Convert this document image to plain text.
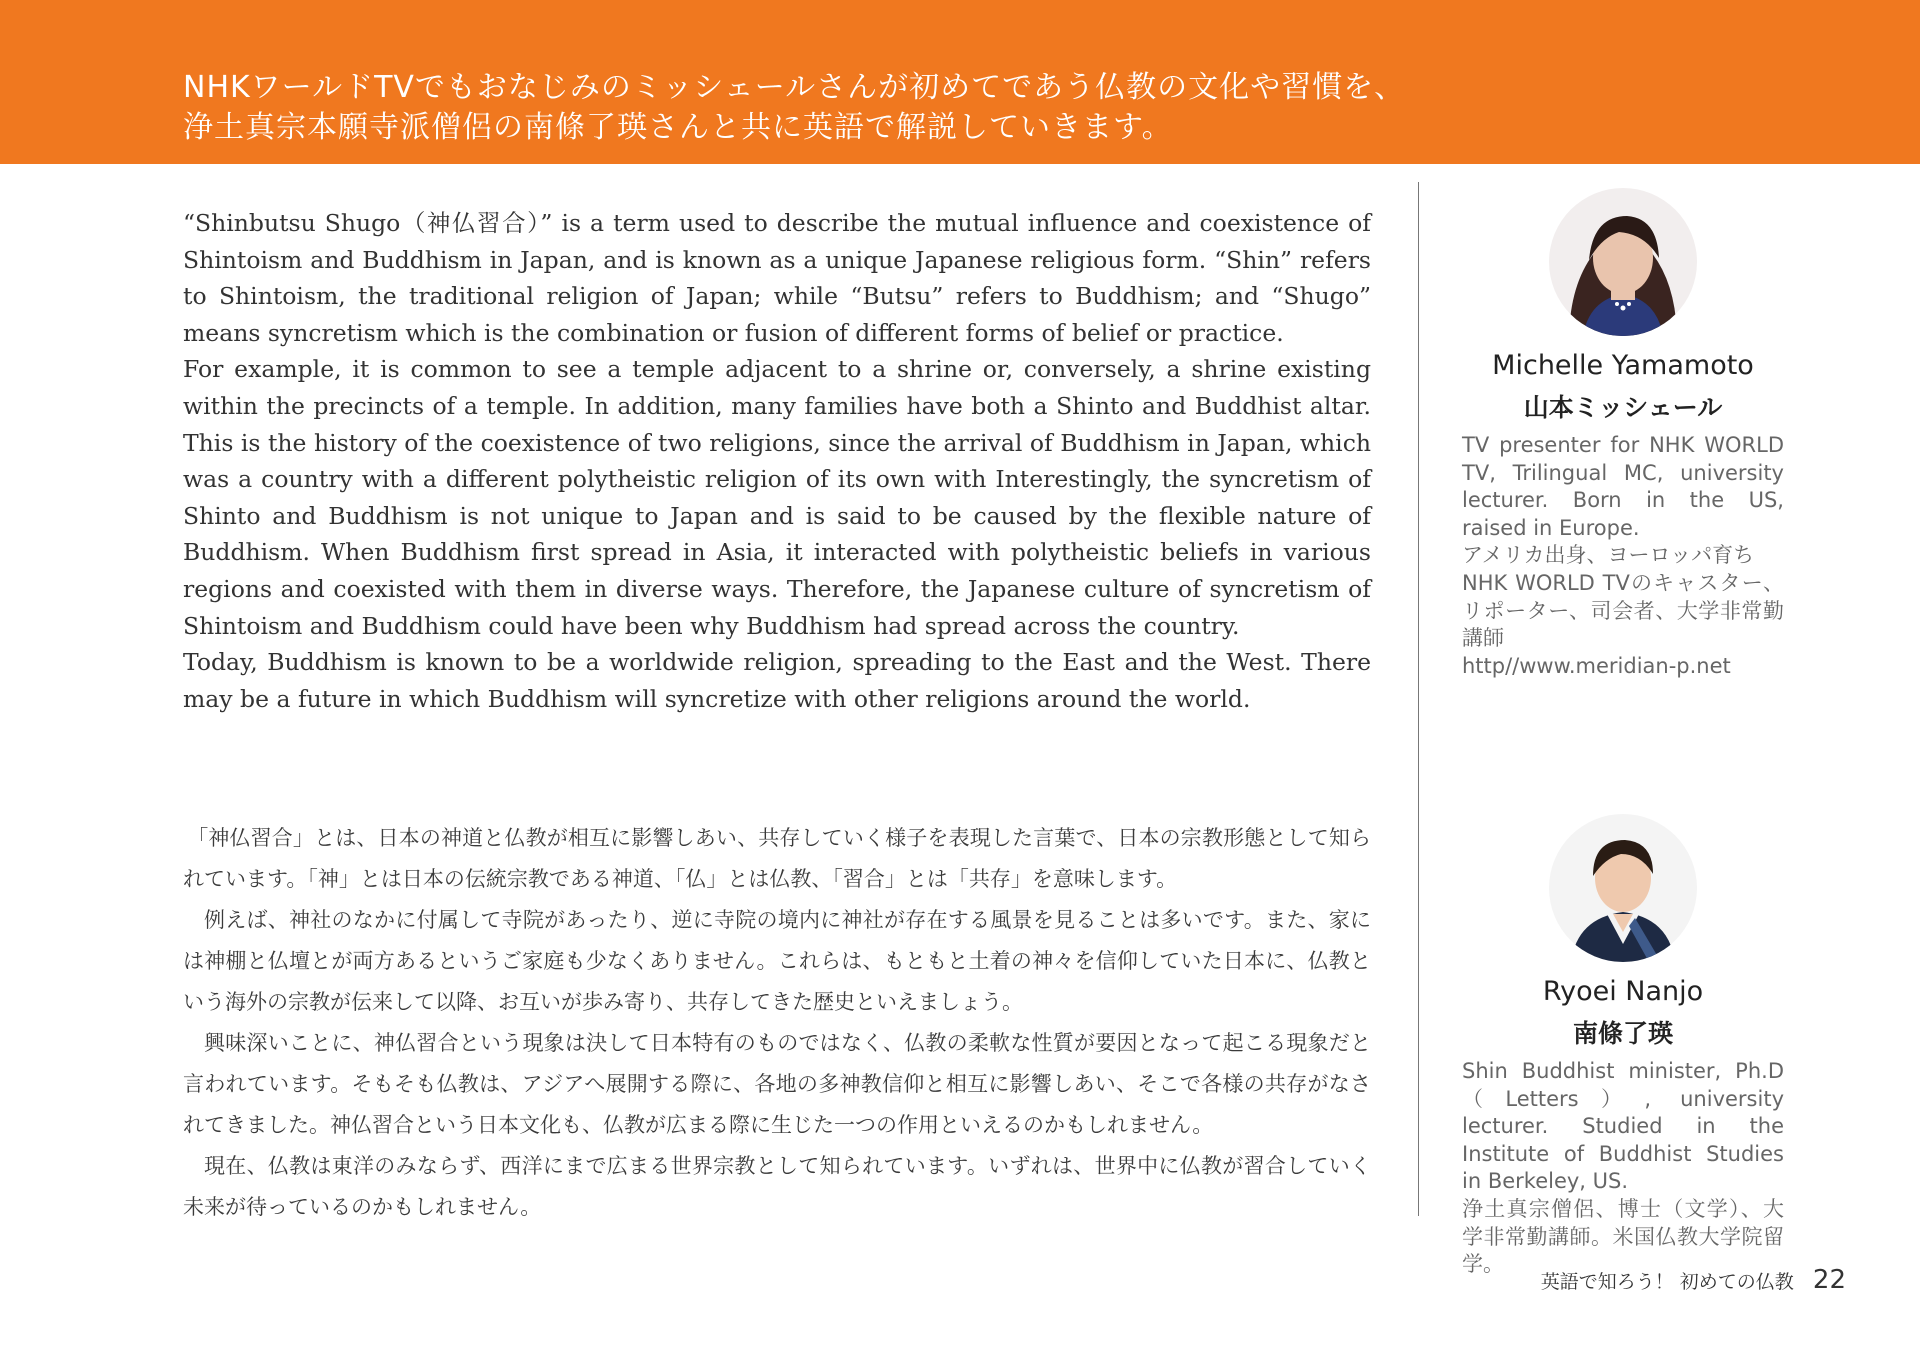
NHKワールドTVでもおなじみのミッシェールさんが初めてであう仏教の文化や習慣を、
浄土真宗本願寺派僧侶の南條了瑛さんと共に英語で解説していきます。

“Shinbutsu Shugo（神仏習合）” is a term used to describe the mutual influence and coexistence of Shintoism and Buddhism in Japan, and is known as a unique Japanese religious form. “Shin” refers to Shintoism, the traditional religion of Japan; while “Butsu” refers to Buddhism; and “Shugo” means syncretism which is the combination or fusion of different forms of belief or practice.

For example, it is common to see a temple adjacent to a shrine or, conversely, a shrine existing within the precincts of a temple. In addition, many families have both a Shinto and Buddhist altar. This is the history of the coexistence of two religions, since the arrival of Buddhism in Japan, which was a country with a different polytheistic religion of its own with Interestingly, the syncretism of Shinto and Buddhism is not unique to Japan and is said to be caused by the flexible nature of Buddhism. When Buddhism first spread in Asia, it interacted with polytheistic beliefs in various regions and coexisted with them in diverse ways. Therefore, the Japanese culture of syncretism of Shintoism and Buddhism could have been why Buddhism had spread across the country.

Today, Buddhism is known to be a worldwide religion, spreading to the East and the West. There may be a future in which Buddhism will syncretize with other religions around the world.

「神仏習合」とは、日本の神道と仏教が相互に影響しあい、共存していく様子を表現した言葉で、日本の宗教形態として知られています。「神」とは日本の伝統宗教である神道、「仏」とは仏教、「習合」とは「共存」を意味します。

例えば、神社のなかに付属して寺院があったり、逆に寺院の境内に神社が存在する風景を見ることは多いです。また、家には神棚と仏壇とが両方あるというご家庭も少なくありません。これらは、もともと土着の神々を信仰していた日本に、仏教という海外の宗教が伝来して以降、お互いが歩み寄り、共存してきた歴史といえましょう。

興味深いことに、神仏習合という現象は決して日本特有のものではなく、仏教の柔軟な性質が要因となって起こる現象だと言われています。そもそも仏教は、アジアへ展開する際に、各地の多神教信仰と相互に影響しあい、そこで各様の共存がなされてきました。神仏習合という日本文化も、仏教が広まる際に生じた一つの作用といえるのかもしれません。

現在、仏教は東洋のみならず、西洋にまで広まる世界宗教として知られています。いずれは、世界中に仏教が習合していく未来が待っているのかもしれません。

Michelle Yamamoto
山本ミッシェール
TV presenter for NHK WORLD TV, Trilingual MC, university lecturer. Born in the US, raised in Europe.
アメリカ出身、ヨーロッパ育ち
NHK WORLD TVのキャスター、リポーター、司会者、大学非常勤講師
http//www.meridian-p.net
Ryoei Nanjo
南條了瑛
Shin Buddhist minister, Ph.D（Letters）, university lecturer. Studied in the Institute of Buddhist Studies in Berkeley, US.
浄土真宗僧侶、博士（文学）、大学非常勤講師。米国仏教大学院留学。
英語で知ろう！ 初めての仏教 22
